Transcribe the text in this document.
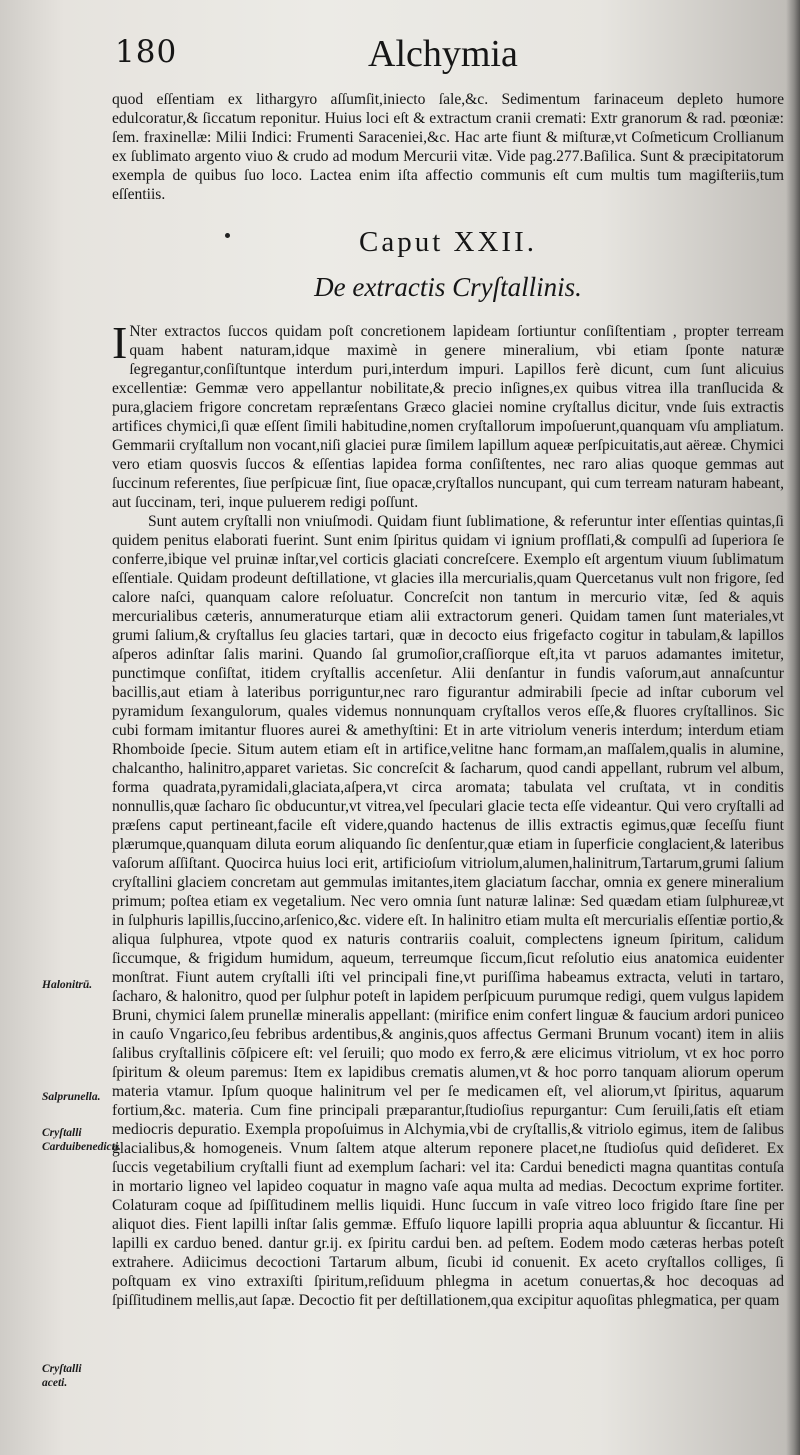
180	Alchymia
quod eſſentiam ex lithargyro aſſumſit,iniecto ſale,&c. Sedimentum farinaceum depleto humore edulcoratur,& ſiccatum reponitur. Huius loci eſt & extractum cranii cremati: Extr granorum & rad. pœoniæ: ſem. fraxinellæ: Milii Indici: Frumenti Saraceniei,&c. Hac arte fiunt & miſturæ,vt Coſmeticum Crollianum ex ſublimato argento viuo & crudo ad modum Mercurii vitæ. Vide pag.277.Baſilica. Sunt & præcipitatorum exempla de quibus ſuo loco. Lactea enim iſta affectio communis eſt cum multis tum magiſteriis,tum eſſentiis.
Caput XXII.
De extractis Cryſtallinis.

I Nter extractos ſuccos quidam poſt concretionem lapideam ſortiuntur conſiſtentiam , propter terream quam habent naturam,idque maximè in genere mineralium, vbi etiam ſponte naturæ ſegregantur,conſiſtuntque interdum puri,interdum impuri. Lapillos ferè dicunt, cum ſunt alicuius excellentiæ: Gemmæ vero appellantur nobilitate,& precio inſignes,ex quibus vitrea illa tranſlucida & pura,glaciem frigore concretam repræſentans Græco glaciei nomine cryſtallus dicitur, vnde ſuis extractis artifices chymici,ſi quæ eſſent ſimili habitudine,nomen cryſtallorum impoſuerunt,quanquam vſu ampliatum. Gemmarii cryſtallum non vocant,niſi glaciei puræ ſimilem lapillum aqueæ perſpicuitatis,aut aëreæ. Chymici vero etiam quosvis ſuccos & eſſentias lapidea forma conſiſtentes, nec raro alias quoque gemmas aut ſuccinum referentes, ſiue perſpicuæ ſint, ſiue opacæ,cryſtallos nuncupant, qui cum terream naturam habeant, aut ſuccinam, teri, inque puluerem redigi poſſunt.

Sunt autem cryſtalli non vniuſmodi. Quidam fiunt ſublimatione, & referuntur inter eſſentias quintas,ſi quidem penitus elaborati fuerint. Sunt enim ſpiritus quidam vi ignium profſlati,& compulſi ad ſuperiora ſe conferre,ibique vel pruinæ inſtar,vel corticis glaciati concreſcere. Exemplo eſt argentum viuum ſublimatum eſſentiale. Quidam prodeunt deſtillatione, vt glacies illa mercurialis,quam Quercetanus vult non frigore, ſed calore naſci, quanquam calore reſoluatur. Concreſcit non tantum in mercurio vitæ, ſed & aquis mercurialibus cæteris, annumeraturque etiam alii extractorum generi. Quidam tamen ſunt materiales,vt grumi ſalium,& cryſtallus ſeu glacies tartari, quæ in decocto eius frigefacto cogitur in tabulam,& lapillos aſperos adinſtar ſalis marini. Quando ſal grumoſior,craſſiorque eſt,ita vt paruos adamantes imitetur, punctimque conſiſtat, itidem cryſtallis accenſetur. Alii denſantur in fundis vaſorum,aut annaſcuntur bacillis,aut etiam à lateribus porriguntur,nec raro figurantur admirabili ſpecie ad inſtar cuborum vel pyramidum ſexangulorum, quales videmus nonnunquam cryſtallos veros eſſe,& fluores cryſtallinos. Sic cubi formam imitantur fluores aurei & amethyſtini: Et in arte vitriolum veneris interdum; interdum etiam Rhomboide ſpecie. Situm autem etiam eſt in artifice,velitne hanc formam,an maſſalem,qualis in alumine, chalcantho, halinitro,apparet varietas. Sic concreſcit & ſacharum, quod candi appellant, rubrum vel album, forma quadrata,pyramidali,glaciata,aſpera,vt circa aromata; tabulata vel cruſtata, vt in conditis nonnullis,quæ ſacharo ſic obducuntur,vt vitrea,vel ſpeculari glacie tecta eſſe videantur. Qui vero cryſtalli ad præſens caput pertineant,facile eſt videre,quando hactenus de illis extractis egimus,quæ ſeceſſu fiunt plærumque,quanquam diluta eorum aliquando ſic denſentur,quæ etiam in ſuperficie conglacient,& lateribus vaſorum aſſiſtant. Quocirca huius loci erit, artificioſum vitriolum,alumen,halinitrum,Tartarum,grumi ſalium cryſtallini glaciem concretam aut gemmulas imitantes,item glaciatum ſacchar, omnia ex genere mineralium primum; poſtea etiam ex vegetalium. Nec vero omnia ſunt naturæ lalinæ: Sed quædam etiam ſulphureæ,vt in ſulphuris lapillis,ſuccino,arſenico,&c. videre eſt. In halinitro etiam multa eſt mercurialis eſſentiæ portio,& aliqua ſulphurea, vtpote quod ex naturis contrariis coaluit, complectens igneum ſpiritum, calidum ſiccumque, & frigidum humidum, aqueum, terreumque ſiccum,ſicut reſolutio eius anatomica euidenter monſtrat. Fiunt autem cryſtalli iſti vel principali fine,vt puriſſima habeamus extracta, veluti in tartaro, ſacharo, & halonitro, quod per ſulphur poteſt in lapidem perſpicuum purumque redigi, quem vulgus lapidem Bruni, chymici ſalem prunellæ mineralis appellant: (mirifice enim confert linguæ & faucium ardori puniceo in cauſo Vngarico,ſeu febribus ardentibus,& anginis,quos affectus Germani Brunum vocant) item in aliis ſalibus cryſtallinis cōſpicere eſt: vel ſeruili; quo modo ex ferro,& ære elicimus vitriolum, vt ex hoc porro ſpiritum & oleum paremus: Item ex lapidibus crematis alumen,vt & hoc porro tanquam aliorum operum materia vtamur. Ipſum quoque halinitrum vel per ſe medicamen eſt, vel aliorum,vt ſpiritus, aquarum fortium,&c. materia. Cum fine principali præparantur,ſtudioſius repurgantur: Cum ſeruili,ſatis eſt etiam mediocris depuratio. Exempla propoſuimus in Alchymia,vbi de cryſtallis,& vitriolo egimus, item de ſalibus glacialibus,& homogeneis. Vnum ſaltem atque alterum reponere placet,ne ſtudioſus quid deſideret. Ex ſuccis vegetabilium cryſtalli fiunt ad exemplum ſachari: vel ita: Cardui benedicti magna quantitas contuſa in mortario ligneo vel lapideo coquatur in magno vaſe aqua multa ad medias. Decoctum exprime fortiter. Colaturam coque ad ſpiſſitudinem mellis liquidi. Hunc ſuccum in vaſe vitreo loco frigido ſtare ſine per aliquot dies. Fient lapilli inſtar ſalis gemmæ. Effuſo liquore lapilli propria aqua abluuntur & ſiccantur. Hi lapilli ex carduo bened. dantur gr.ij. ex ſpiritu cardui ben. ad peſtem. Eodem modo cæteras herbas poteſt extrahere. Adiicimus decoctioni Tartarum album, ſicubi id conuenit. Ex aceto cryſtallos colliges, ſi poſtquam ex vino extraxiſti ſpiritum,reſiduum phlegma in acetum conuertas,& hoc decoquas ad ſpiſſitudinem mellis,aut ſapæ. Decoctio fit per deſtillationem,qua excipitur aquoſitas phlegmatica, per quam

Halonitrū.
Salprunella.
Cryſtalli Carduibenedicti.
Cryſtalli aceti.
